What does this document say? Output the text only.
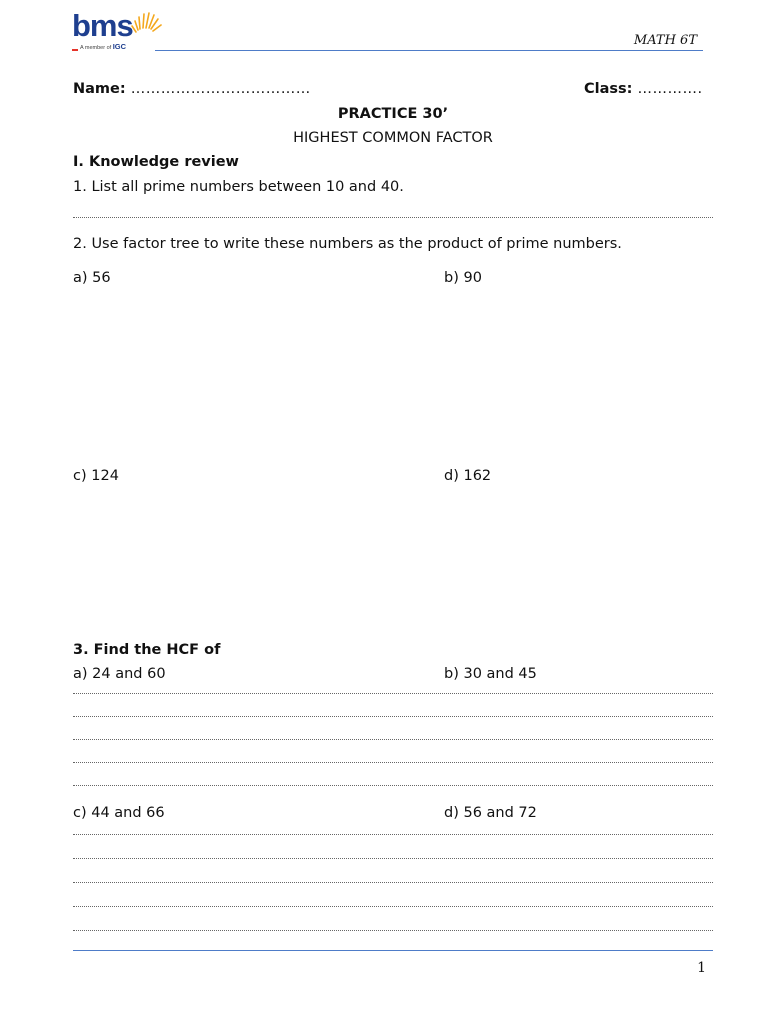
bms
A member of IGC	MATH 6T
Name: ………………………………	Class: ………….
PRACTICE 30’
HIGHEST COMMON FACTOR
I. Knowledge review
1. List all prime numbers between 10 and 40.
2. Use factor tree to write these numbers as the product of prime numbers.
a) 56	b) 90
c) 124	d) 162
3. Find the HCF of
a) 24 and 60	b) 30 and 45
c) 44 and 66	d) 56 and 72
1
